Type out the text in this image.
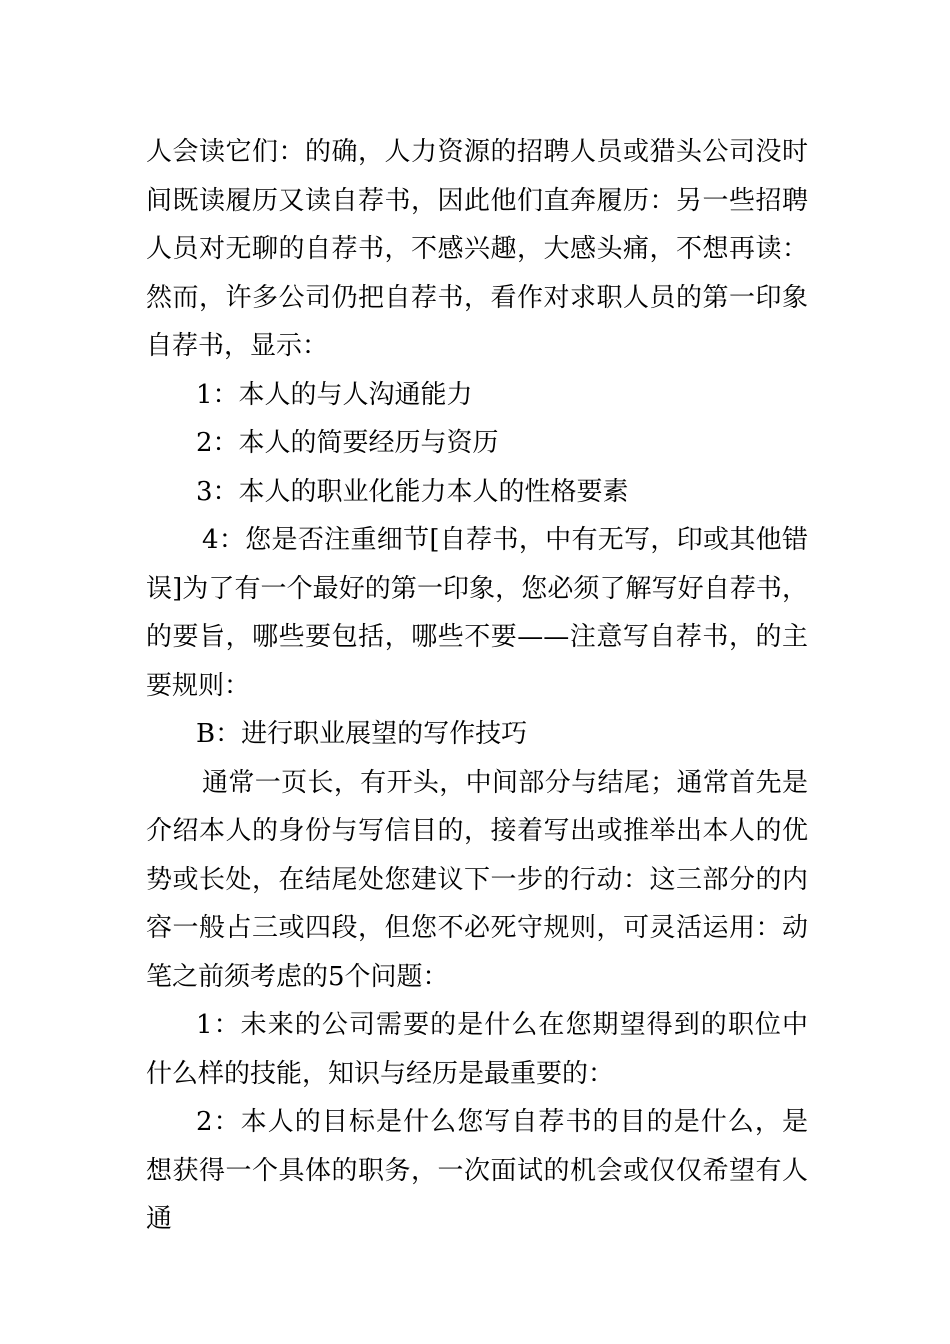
人会读它们：的确，人力资源的招聘人员或猎头公司没时间既读履历又读自荐书，因此他们直奔履历：另一些招聘人员对无聊的自荐书，不感兴趣，大感头痛，不想再读：然而，许多公司仍把自荐书，看作对求职人员的第一印象自荐书，显示：

1：本人的与人沟通能力

2：本人的简要经历与资历

3：本人的职业化能力本人的性格要素

4：您是否注重细节[自荐书，中有无写，印或其他错误]为了有一个最好的第一印象，您必须了解写好自荐书，的要旨，哪些要包括，哪些不要——注意写自荐书，的主要规则：

B：进行职业展望的写作技巧

通常一页长，有开头，中间部分与结尾；通常首先是介绍本人的身份与写信目的，接着写出或推举出本人的优势或长处，在结尾处您建议下一步的行动：这三部分的内容一般占三或四段，但您不必死守规则，可灵活运用：动笔之前须考虑的5个问题：

1：未来的公司需要的是什么在您期望得到的职位中什么样的技能，知识与经历是最重要的：

2：本人的目标是什么您写自荐书的目的是什么，是想获得一个具体的职务，一次面试的机会或仅仅希望有人通
